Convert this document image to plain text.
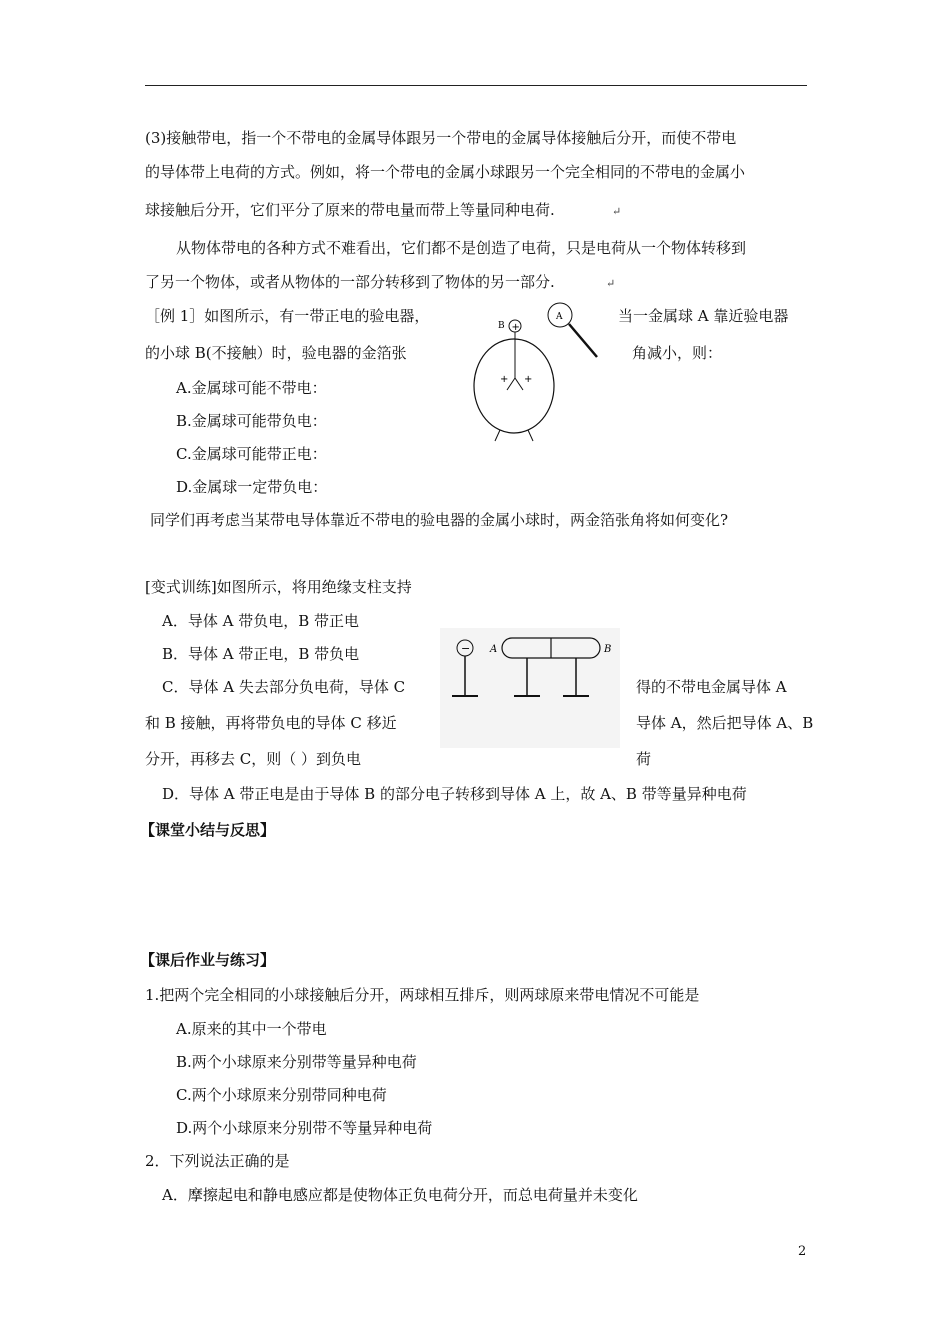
(3)接触带电，指一个不带电的金属导体跟另一个带电的金属导体接触后分开，而使不带电
的导体带上电荷的方式。例如，将一个带电的金属小球跟另一个完全相同的不带电的金属小
球接触后分开，它们平分了原来的带电量而带上等量同种电荷.	↵
从物体带电的各种方式不难看出，它们都不是创造了电荷，只是电荷从一个物体转移到
了另一个物体，或者从物体的一部分转移到了物体的另一部分.	↵
［例 1］如图所示，有一带正电的验电器，	当一金属球 A 靠近验电器
的小球 B(不接触）时，验电器的金箔张	角减小，则：
A.金属球可能不带电：
B.金属球可能带负电：
C.金属球可能带正电：
D.金属球一定带负电：
B +
+ +
A
同学们再考虑当某带电导体靠近不带电的验电器的金属小球时，两金箔张角将如何变化?
[变式训练]如图所示，将用绝缘支柱支持
A．导体 A 带负电，B 带正电
B．导体 A 带正电，B 带负电
C．导体 A 失去部分负电荷，导体 C	得的不带电金属导体 A
和 B 接触，再将带负电的导体 C 移近	导体 A，然后把导体 A、B
分开，再移去 C，则（ ）到负电	荷
D．导体 A 带正电是由于导体 B 的部分电子转移到导体 A 上，故 A、B 带等量异种电荷
− A	B
【课堂小结与反思】
【课后作业与练习】
1.把两个完全相同的小球接触后分开，两球相互排斥，则两球原来带电情况不可能是
A.原来的其中一个带电
B.两个小球原来分别带等量异种电荷
C.两个小球原来分别带同种电荷
D.两个小球原来分别带不等量异种电荷
2．下列说法正确的是
A．摩擦起电和静电感应都是使物体正负电荷分开，而总电荷量并未变化
2
